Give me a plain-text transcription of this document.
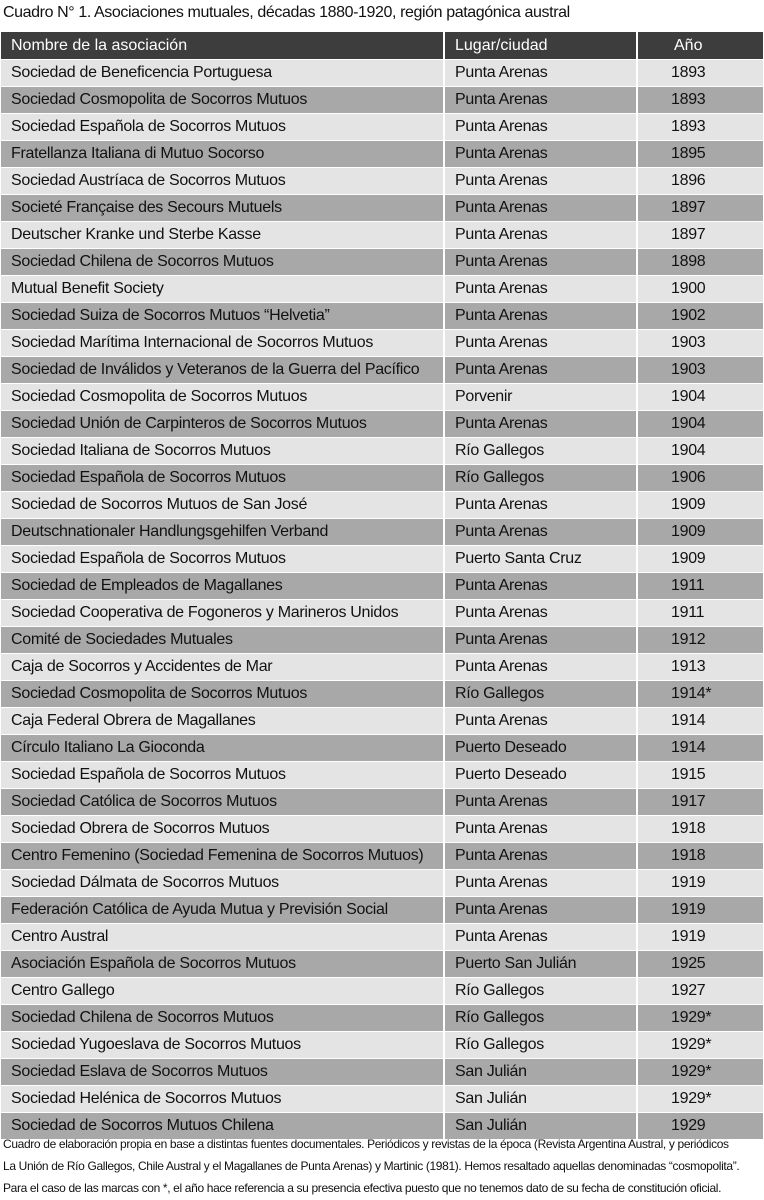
Cuadro N° 1. Asociaciones mutuales, décadas 1880-1920, región patagónica austral
Nombre de la asociación	Lugar/ciudad	Año
Sociedad de Beneficencia Portuguesa	Punta Arenas	1893
Sociedad Cosmopolita de Socorros Mutuos	Punta Arenas	1893
Sociedad Española de Socorros Mutuos	Punta Arenas	1893
Fratellanza Italiana di Mutuo Socorso	Punta Arenas	1895
Sociedad Austríaca de Socorros Mutuos	Punta Arenas	1896
Societé Française des Secours Mutuels	Punta Arenas	1897
Deutscher Kranke und Sterbe Kasse	Punta Arenas	1897
Sociedad Chilena de Socorros Mutuos	Punta Arenas	1898
Mutual Benefit Society	Punta Arenas	1900
Sociedad Suiza de Socorros Mutuos “Helvetia”	Punta Arenas	1902
Sociedad Marítima Internacional de Socorros Mutuos	Punta Arenas	1903
Sociedad de Inválidos y Veteranos de la Guerra del Pacífico	Punta Arenas	1903
Sociedad Cosmopolita de Socorros Mutuos	Porvenir	1904
Sociedad Unión de Carpinteros de Socorros Mutuos	Punta Arenas	1904
Sociedad Italiana de Socorros Mutuos	Río Gallegos	1904
Sociedad Española de Socorros Mutuos	Río Gallegos	1906
Sociedad de Socorros Mutuos de San José	Punta Arenas	1909
Deutschnationaler Handlungsgehilfen Verband	Punta Arenas	1909
Sociedad Española de Socorros Mutuos	Puerto Santa Cruz	1909
Sociedad de Empleados de Magallanes	Punta Arenas	1911
Sociedad Cooperativa de Fogoneros y Marineros Unidos	Punta Arenas	1911
Comité de Sociedades Mutuales	Punta Arenas	1912
Caja de Socorros y Accidentes de Mar	Punta Arenas	1913
Sociedad Cosmopolita de Socorros Mutuos	Río Gallegos	1914*
Caja Federal Obrera de Magallanes	Punta Arenas	1914
Círculo Italiano La Gioconda	Puerto Deseado	1914
Sociedad Española de Socorros Mutuos	Puerto Deseado	1915
Sociedad Católica de Socorros Mutuos	Punta Arenas	1917
Sociedad Obrera de Socorros Mutuos	Punta Arenas	1918
Centro Femenino (Sociedad Femenina de Socorros Mutuos)	Punta Arenas	1918
Sociedad Dálmata de Socorros Mutuos	Punta Arenas	1919
Federación Católica de Ayuda Mutua y Previsión Social	Punta Arenas	1919
Centro Austral	Punta Arenas	1919
Asociación Española de Socorros Mutuos	Puerto San Julián	1925
Centro Gallego	Río Gallegos	1927
Sociedad Chilena de Socorros Mutuos	Río Gallegos	1929*
Sociedad Yugoeslava de Socorros Mutuos	Río Gallegos	1929*
Sociedad Eslava de Socorros Mutuos	San Julián	1929*
Sociedad Helénica de Socorros Mutuos	San Julián	1929*
Sociedad de Socorros Mutuos Chilena	San Julián	1929

Cuadro de elaboración propia en base a distintas fuentes documentales. Periódicos y revistas de la época (Revista Argentina Austral, y periódicos

La Unión de Río Gallegos, Chile Austral y el Magallanes de Punta Arenas) y Martinic (1981). Hemos resaltado aquellas denominadas “cosmopolita”.

Para el caso de las marcas con *, el año hace referencia a su presencia efectiva puesto que no tenemos dato de su fecha de constitución oficial.
